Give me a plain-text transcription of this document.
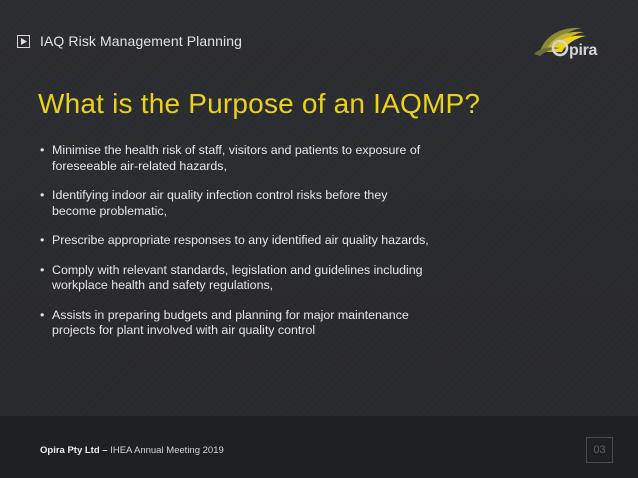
IAQ Risk Management Planning
pira
What is the Purpose of an IAQMP?
• Minimise the health risk of staff, visitors and patients to exposure of
foreseeable air-related hazards,
• Identifying indoor air quality infection control risks before they
become problematic,
• Prescribe appropriate responses to any identified air quality hazards,
• Comply with relevant standards, legislation and guidelines including
workplace health and safety regulations,
• Assists in preparing budgets and planning for major maintenance
projects for plant involved with air quality control
Opira Pty Ltd – IHEA Annual Meeting 2019	03
